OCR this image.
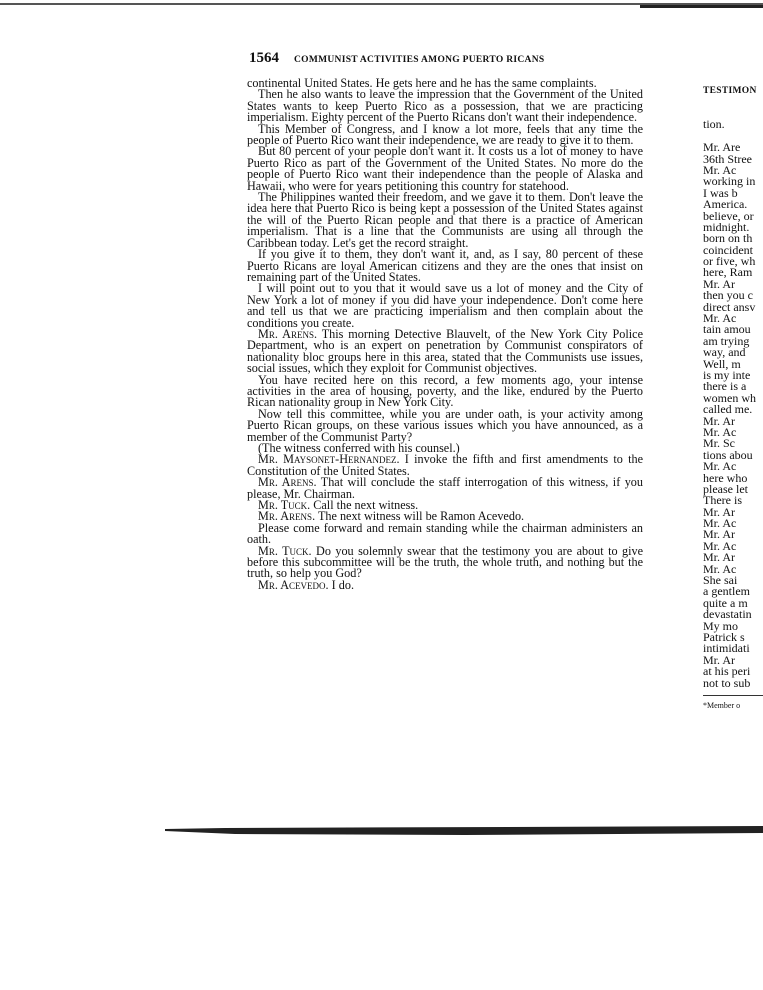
1564 COMMUNIST ACTIVITIES AMONG PUERTO RICANS

continental United States. He gets here and he has the same complaints.

Then he also wants to leave the impression that the Government of the United States wants to keep Puerto Rico as a possession, that we are practicing imperialism. Eighty percent of the Puerto Ricans don't want their independence.

This Member of Congress, and I know a lot more, feels that any time the people of Puerto Rico want their independence, we are ready to give it to them.

But 80 percent of your people don't want it. It costs us a lot of money to have Puerto Rico as part of the Government of the United States. No more do the people of Puerto Rico want their independence than the people of Alaska and Hawaii, who were for years petitioning this country for statehood.

The Philippines wanted their freedom, and we gave it to them. Don't leave the idea here that Puerto Rico is being kept a possession of the United States against the will of the Puerto Rican people and that there is a practice of American imperialism. That is a line that the Communists are using all through the Caribbean today. Let's get the record straight.

If you give it to them, they don't want it, and, as I say, 80 percent of these Puerto Ricans are loyal American citizens and they are the ones that insist on remaining part of the United States.

I will point out to you that it would save us a lot of money and the City of New York a lot of money if you did have your independence. Don't come here and tell us that we are practicing imperialism and then complain about the conditions you create.

Mr. Arens. This morning Detective Blauvelt, of the New York City Police Department, who is an expert on penetration by Communist conspirators of nationality bloc groups here in this area, stated that the Communists use issues, social issues, which they exploit for Communist objectives.

You have recited here on this record, a few moments ago, your intense activities in the area of housing, poverty, and the like, endured by the Puerto Rican nationality group in New York City.

Now tell this committee, while you are under oath, is your activity among Puerto Rican groups, on these various issues which you have announced, as a member of the Communist Party?

(The witness conferred with his counsel.)

Mr. Maysonet-Hernandez. I invoke the fifth and first amendments to the Constitution of the United States.

Mr. Arens. That will conclude the staff interrogation of this witness, if you please, Mr. Chairman.

Mr. Tuck. Call the next witness.

Mr. Arens. The next witness will be Ramon Acevedo.

Please come forward and remain standing while the chairman administers an oath.

Mr. Tuck. Do you solemnly swear that the testimony you are about to give before this subcommittee will be the truth, the whole truth, and nothing but the truth, so help you God?

Mr. Acevedo. I do.

TESTIMON
tion.
Mr. Are
36th Stree
Mr. Ac
working in
I was b
America.
believe, or
midnight.
born on th
coincident
or five, wh
here, Ram
Mr. Ar
then you c
direct ansv
Mr. Ac
tain amou
am trying
way, and
Well, m
is my inte
there is a
women wh
called me.
Mr. Ar
Mr. Ac
Mr. Sc
tions abou
Mr. Ac
here who
please let
There is
Mr. Ar
Mr. Ac
Mr. Ar
Mr. Ac
Mr. Ar
Mr. Ac
She sai
a gentlem
quite a m
devastatin
My mo
Patrick s
intimidati
Mr. Ar
at his peri
not to sub
*Member o
